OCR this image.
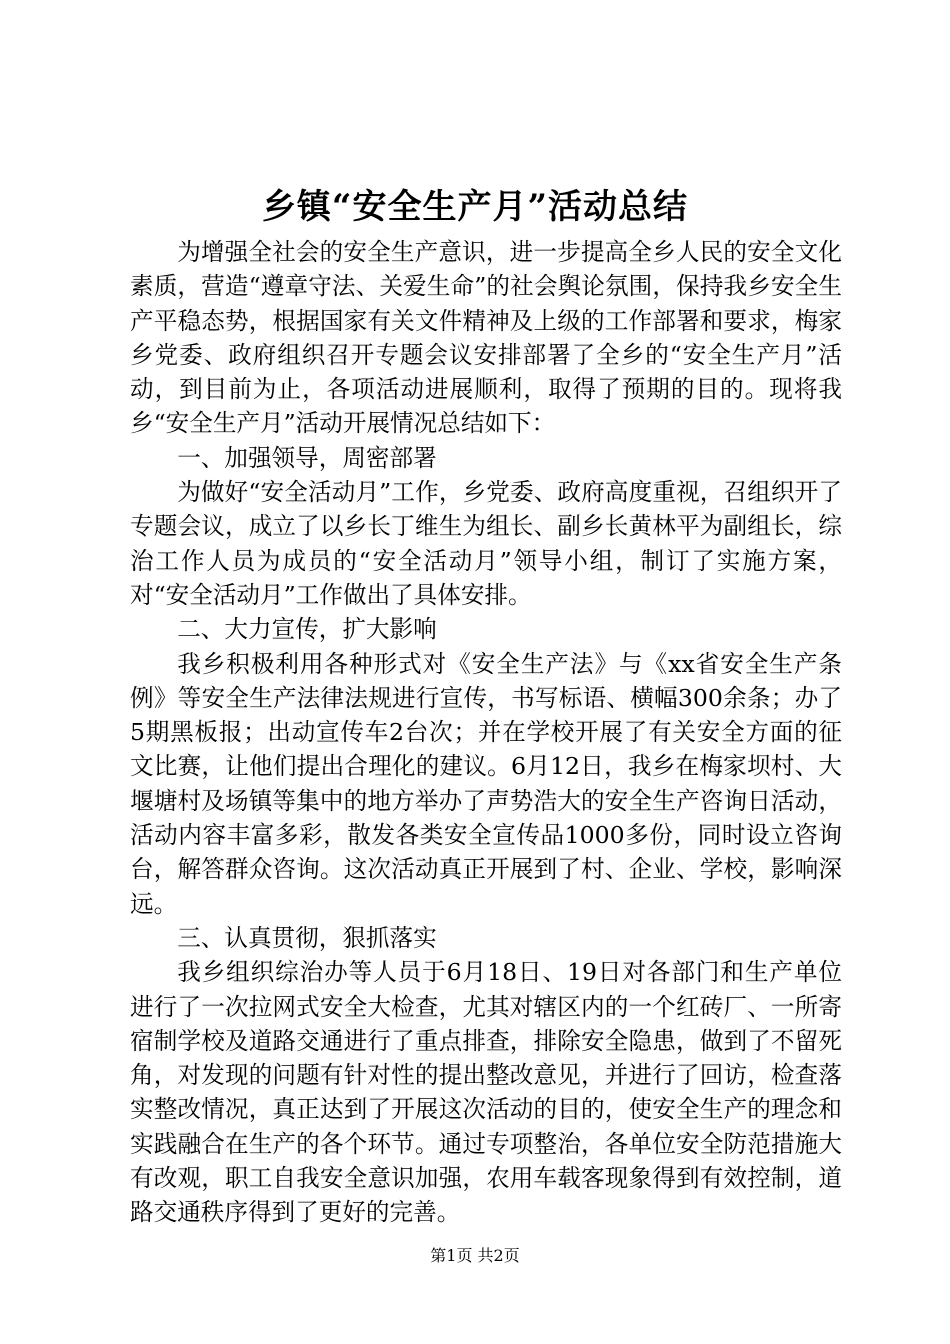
乡镇“安全生产月”活动总结

为增强全社会的安全生产意识，进一步提高全乡人民的安全文化素质，营造“遵章守法、关爱生命”的社会舆论氛围，保持我乡安全生产平稳态势，根据国家有关文件精神及上级的工作部署和要求，梅家乡党委、政府组织召开专题会议安排部署了全乡的“安全生产月”活动，到目前为止，各项活动进展顺利，取得了预期的目的。现将我乡“安全生产月”活动开展情况总结如下：

一、加强领导，周密部署

为做好“安全活动月”工作，乡党委、政府高度重视，召组织开了专题会议，成立了以乡长丁维生为组长、副乡长黄林平为副组长，综治工作人员为成员的“安全活动月”领导小组，制订了实施方案，对“安全活动月”工作做出了具体安排。

二、大力宣传，扩大影响

我乡积极利用各种形式对《安全生产法》与《xx省安全生产条例》等安全生产法律法规进行宣传，书写标语、横幅300余条；办了5期黑板报；出动宣传车2台次；并在学校开展了有关安全方面的征文比赛，让他们提出合理化的建议。6月12日，我乡在梅家坝村、大堰塘村及场镇等集中的地方举办了声势浩大的安全生产咨询日活动，活动内容丰富多彩，散发各类安全宣传品1000多份，同时设立咨询台，解答群众咨询。这次活动真正开展到了村、企业、学校，影响深远。

三、认真贯彻，狠抓落实

我乡组织综治办等人员于6月18日、19日对各部门和生产单位进行了一次拉网式安全大检查，尤其对辖区内的一个红砖厂、一所寄宿制学校及道路交通进行了重点排查，排除安全隐患，做到了不留死角，对发现的问题有针对性的提出整改意见，并进行了回访，检查落实整改情况，真正达到了开展这次活动的目的，使安全生产的理念和实践融合在生产的各个环节。通过专项整治，各单位安全防范措施大有改观，职工自我安全意识加强，农用车载客现象得到有效控制，道路交通秩序得到了更好的完善。

第1页 共2页
